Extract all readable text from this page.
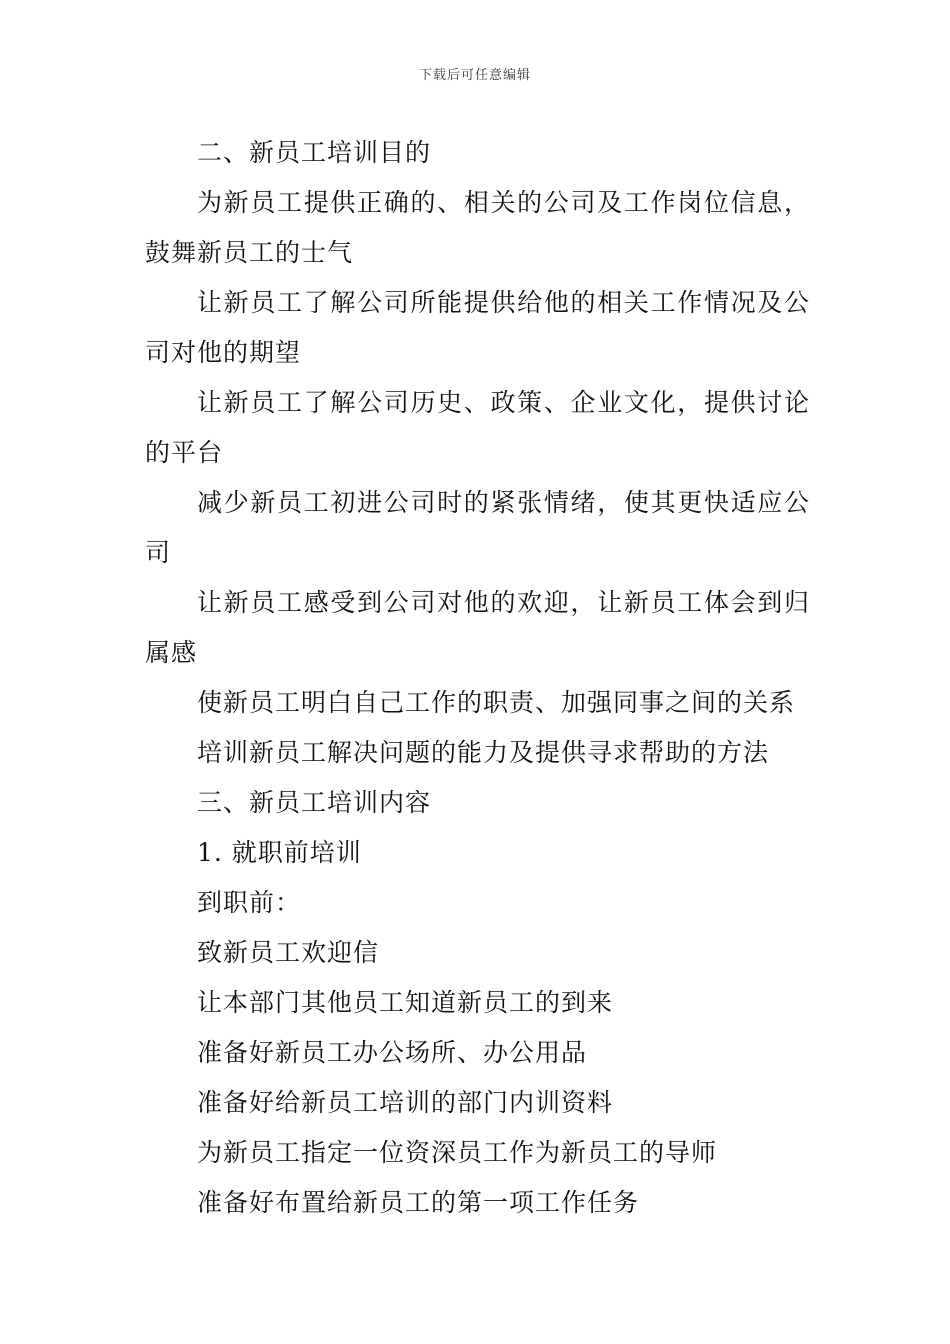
下载后可任意编辑

二、新员工培训目的

为新员工提供正确的、相关的公司及工作岗位信息，鼓舞新员工的士气

让新员工了解公司所能提供给他的相关工作情况及公司对他的期望

让新员工了解公司历史、政策、企业文化，提供讨论的平台

减少新员工初进公司时的紧张情绪，使其更快适应公司

让新员工感受到公司对他的欢迎，让新员工体会到归属感

使新员工明白自己工作的职责、加强同事之间的关系

培训新员工解决问题的能力及提供寻求帮助的方法

三、新员工培训内容

1. 就职前培训

到职前：

致新员工欢迎信

让本部门其他员工知道新员工的到来

准备好新员工办公场所、办公用品

准备好给新员工培训的部门内训资料

为新员工指定一位资深员工作为新员工的导师

准备好布置给新员工的第一项工作任务
